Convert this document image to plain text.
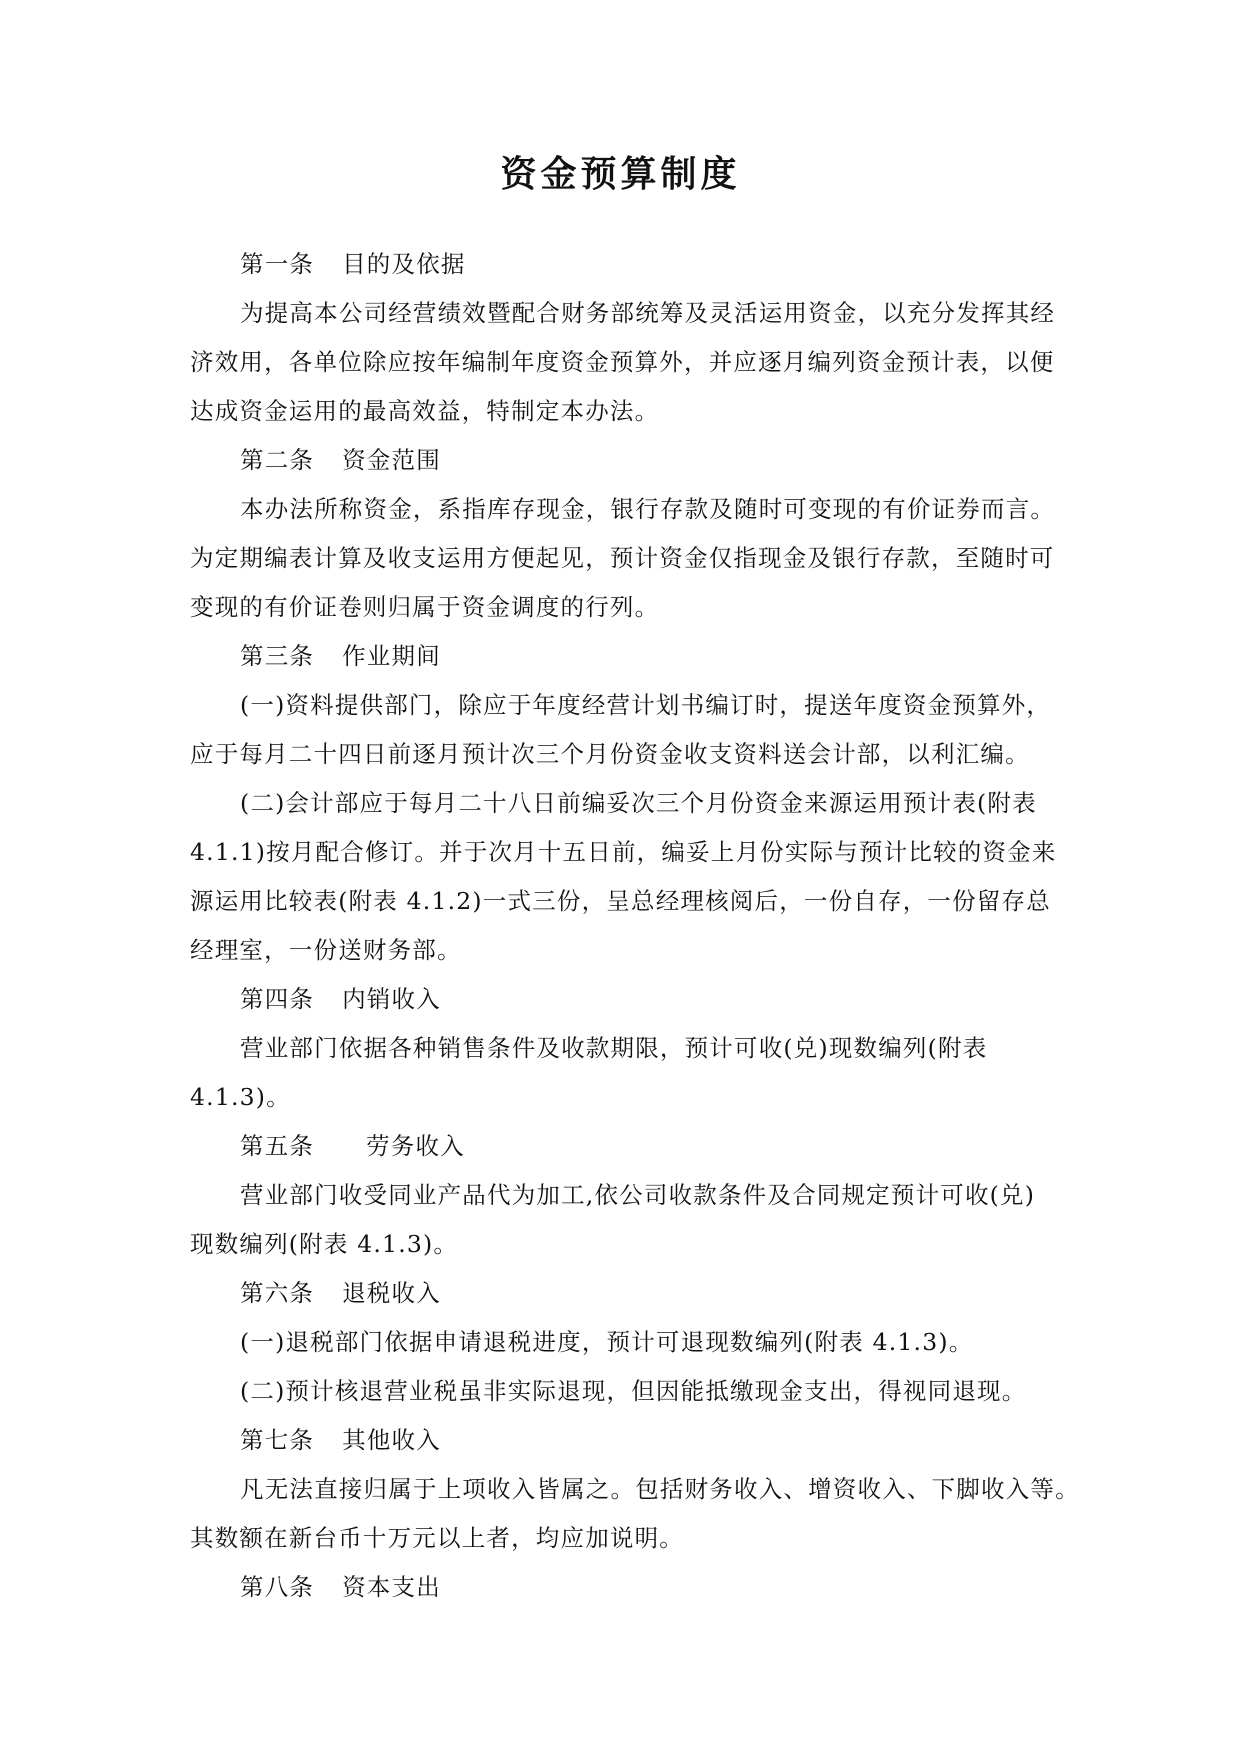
资金预算制度

第一条 目的及依据

为提高本公司经营绩效暨配合财务部统筹及灵活运用资金，以充分发挥其经

济效用，各单位除应按年编制年度资金预算外，并应逐月编列资金预计表，以便

达成资金运用的最高效益，特制定本办法。

第二条 资金范围

本办法所称资金，系指库存现金，银行存款及随时可变现的有价证券而言。

为定期编表计算及收支运用方便起见，预计资金仅指现金及银行存款，至随时可

变现的有价证卷则归属于资金调度的行列。

第三条 作业期间

(一)资料提供部门，除应于年度经营计划书编订时，提送年度资金预算外，

应于每月二十四日前逐月预计次三个月份资金收支资料送会计部，以利汇编。

(二)会计部应于每月二十八日前编妥次三个月份资金来源运用预计表(附表

4.1.1)按月配合修订。并于次月十五日前，编妥上月份实际与预计比较的资金来

源运用比较表(附表 4.1.2)一式三份，呈总经理核阅后，一份自存，一份留存总

经理室，一份送财务部。

第四条 内销收入

营业部门依据各种销售条件及收款期限，预计可收(兑)现数编列(附表

4.1.3)。

第五条 劳务收入

营业部门收受同业产品代为加工,依公司收款条件及合同规定预计可收(兑)

现数编列(附表 4.1.3)。

第六条 退税收入

(一)退税部门依据申请退税进度，预计可退现数编列(附表 4.1.3)。

(二)预计核退营业税虽非实际退现，但因能抵缴现金支出，得视同退现。

第七条 其他收入

凡无法直接归属于上项收入皆属之。包括财务收入、增资收入、下脚收入等。

其数额在新台币十万元以上者，均应加说明。

第八条 资本支出
